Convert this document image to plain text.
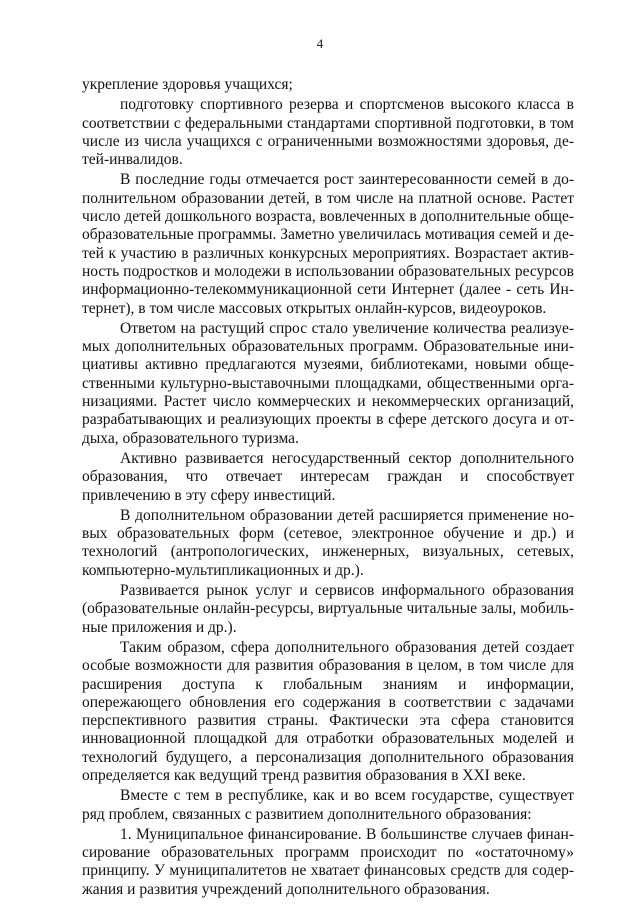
4

укрепление здоровья учащихся;

подготовку спортивного резерва и спортсменов высокого класса в соответствии с федеральными стандартами спортивной подготовки, в том числе из числа учащихся с ограниченными возможностями здоровья, детей-инвалидов.

В последние годы отмечается рост заинтересованности семей в дополнительном образовании детей, в том числе на платной основе. Растет число детей дошкольного возраста, вовлеченных в дополнительные общеобразовательные программы. Заметно увеличилась мотивация семей и детей к участию в различных конкурсных мероприятиях. Возрастает активность подростков и молодежи в использовании образовательных ресурсов информационно-телекоммуникационной сети Интернет (далее - сеть Интернет), в том числе массовых открытых онлайн-курсов, видеоуроков.

Ответом на растущий спрос стало увеличение количества реализуемых дополнительных образовательных программ. Образовательные инициативы активно предлагаются музеями, библиотеками, новыми общественными культурно-выставочными площадками, общественными организациями. Растет число коммерческих и некоммерческих организаций, разрабатывающих и реализующих проекты в сфере детского досуга и отдыха, образовательного туризма.

Активно развивается негосударственный сектор дополнительного образования, что отвечает интересам граждан и способствует привлечению в эту сферу инвестиций.

В дополнительном образовании детей расширяется применение новых образовательных форм (сетевое, электронное обучение и др.) и технологий (антропологических, инженерных, визуальных, сетевых, компьютерно-мультипликационных и др.).

Развивается рынок услуг и сервисов информального образования (образовательные онлайн-ресурсы, виртуальные читальные залы, мобильные приложения и др.).

Таким образом, сфера дополнительного образования детей создает особые возможности для развития образования в целом, в том числе для расширения доступа к глобальным знаниям и информации, опережающего обновления его содержания в соответствии с задачами перспективного развития страны. Фактически эта сфера становится инновационной площадкой для отработки образовательных моделей и технологий будущего, а персонализация дополнительного образования определяется как ведущий тренд развития образования в XXI веке.

Вместе с тем в республике, как и во всем государстве, существует ряд проблем, связанных с развитием дополнительного образования:

1. Муниципальное финансирование. В большинстве случаев финансирование образовательных программ происходит по «остаточному» принципу. У муниципалитетов не хватает финансовых средств для содержания и развития учреждений дополнительного образования.
